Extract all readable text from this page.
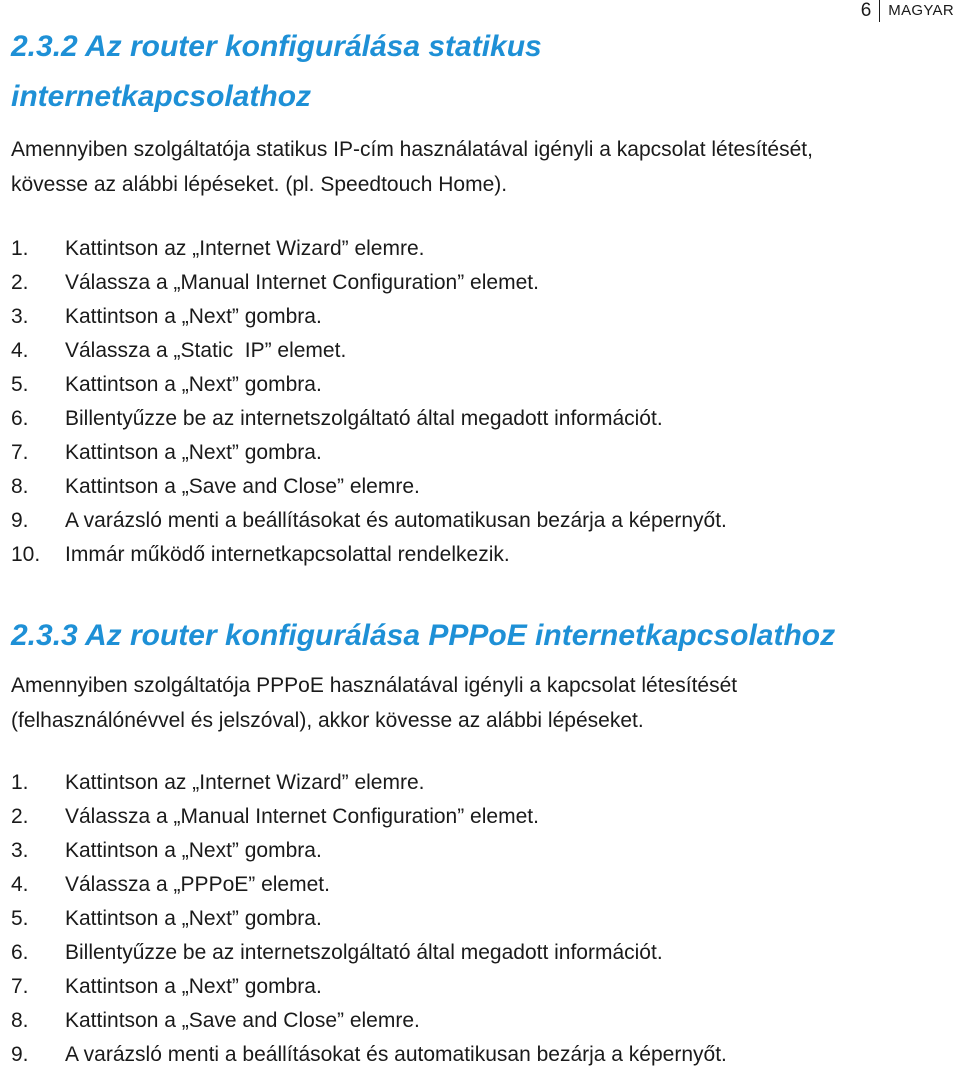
6	MAGYAR
2.3.2 Az router konfigurálása statikus
internetkapcsolathoz

Amennyiben szolgáltatója statikus IP-cím használatával igényli a kapcsolat létesítését,
kövesse az alábbi lépéseket. (pl. Speedtouch Home).

1.	Kattintson az „Internet Wizard” elemre.
2.	Válassza a „Manual Internet Configuration” elemet.
3.	Kattintson a „Next” gombra.
4.	Válassza a „Static  IP” elemet.
5.	Kattintson a „Next” gombra.
6.	Billentyűzze be az internetszolgáltató által megadott információt.
7.	Kattintson a „Next” gombra.
8.	Kattintson a „Save and Close” elemre.
9.	A varázsló menti a beállításokat és automatikusan bezárja a képernyőt.
10.	Immár működő internetkapcsolattal rendelkezik.
2.3.3 Az router konfigurálása PPPoE internetkapcsolathoz

Amennyiben szolgáltatója PPPoE használatával igényli a kapcsolat létesítését
(felhasználónévvel és jelszóval), akkor kövesse az alábbi lépéseket.

1.	Kattintson az „Internet Wizard” elemre.
2.	Válassza a „Manual Internet Configuration” elemet.
3.	Kattintson a „Next” gombra.
4.	Válassza a „PPPoE” elemet.
5.	Kattintson a „Next” gombra.
6.	Billentyűzze be az internetszolgáltató által megadott információt.
7.	Kattintson a „Next” gombra.
8.	Kattintson a „Save and Close” elemre.
9.	A varázsló menti a beállításokat és automatikusan bezárja a képernyőt.
